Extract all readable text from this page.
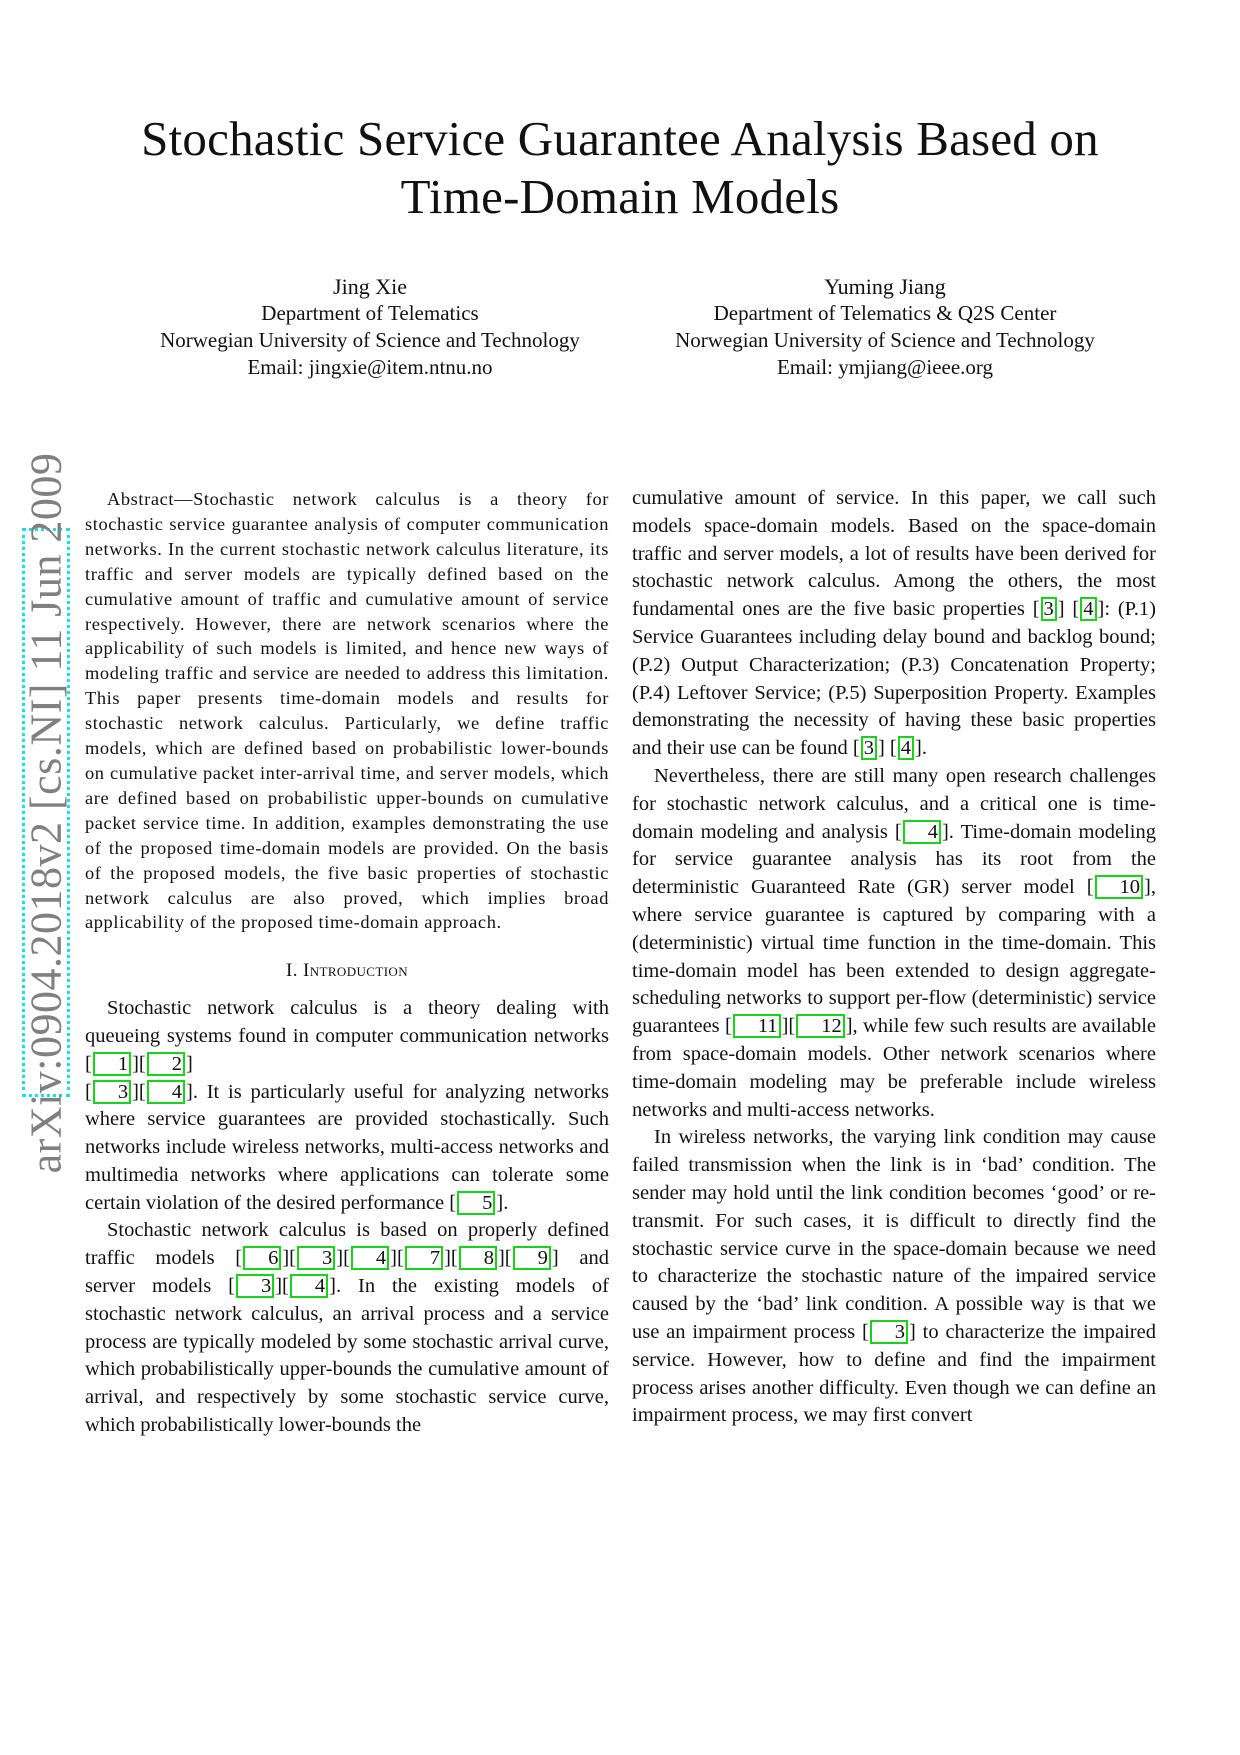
Stochastic Service Guarantee Analysis Based on
Time-Domain Models
Jing Xie
Department of Telematics
Norwegian University of Science and Technology
Email: jingxie@item.ntnu.no
Yuming Jiang
Department of Telematics & Q2S Center
Norwegian University of Science and Technology
Email: ymjiang@ieee.org
arXiv:0904.2018v2 [cs.NI] 11 Jun 2009	Abstract—Stochastic network calculus is a theory for stochastic service guarantee analysis of computer communication networks. In the current stochastic network calculus literature, its traffic and server models are typically defined based on the cumulative amount of traffic and cumulative amount of service respectively. However, there are network scenarios where the applicability of such models is limited, and hence new ways of modeling traffic and service are needed to address this limitation. This paper presents time-domain models and results for stochastic network calculus. Particularly, we define traffic models, which are defined based on probabilistic lower-bounds on cumulative packet inter-arrival time, and server models, which are defined based on probabilistic upper-bounds on cumulative packet service time. In addition, examples demonstrating the use of the proposed time-domain models are provided. On the basis of the proposed models, the five basic properties of stochastic network calculus are also proved, which implies broad applicability of the proposed time-domain approach.

I. Introduction

Stochastic network calculus is a theory dealing with queueing systems found in computer communication networks [ 1 ][ 2 ]
[ 3 ][ 4 ]. It is particularly useful for analyzing networks where service guarantees are provided stochastically. Such networks include wireless networks, multi-access networks and multimedia networks where applications can tolerate some certain violation of the desired performance [ 5 ].

Stochastic network calculus is based on properly defined traffic models [ 6 ][ 3 ][ 4 ][ 7 ][ 8 ][ 9 ] and server models [ 3 ][ 4 ]. In the existing models of stochastic network calculus, an arrival process and a service process are typically modeled by some stochastic arrival curve, which probabilistically upper-bounds the cumulative amount of arrival, and respectively by some stochastic service curve, which probabilistically lower-bounds the

cumulative amount of service. In this paper, we call such models space-domain models. Based on the space-domain traffic and server models, a lot of results have been derived for stochastic network calculus. Among the others, the most fundamental ones are the five basic properties [ 3 ] [ 4 ]: (P.1) Service Guarantees including delay bound and backlog bound; (P.2) Output Characterization; (P.3) Concatenation Property; (P.4) Leftover Service; (P.5) Superposition Property. Examples demonstrating the necessity of having these basic properties and their use can be found [ 3 ] [ 4 ].

Nevertheless, there are still many open research challenges for stochastic network calculus, and a critical one is time-domain modeling and analysis [ 4 ]. Time-domain modeling for service guarantee analysis has its root from the deterministic Guaranteed Rate (GR) server model [ 10 ], where service guarantee is captured by comparing with a (deterministic) virtual time function in the time-domain. This time-domain model has been extended to design aggregate-scheduling networks to support per-flow (deterministic) service guarantees [ 11 ][ 12 ], while few such results are available from space-domain models. Other network scenarios where time-domain modeling may be preferable include wireless networks and multi-access networks.

In wireless networks, the varying link condition may cause failed transmission when the link is in ‘bad’ condition. The sender may hold until the link condition becomes ‘good’ or re-transmit. For such cases, it is difficult to directly find the stochastic service curve in the space-domain because we need to characterize the stochastic nature of the impaired service caused by the ‘bad’ link condition. A possible way is that we use an impairment process [ 3 ] to characterize the impaired service. However, how to define and find the impairment process arises another difficulty. Even though we can define an impairment process, we may first convert
